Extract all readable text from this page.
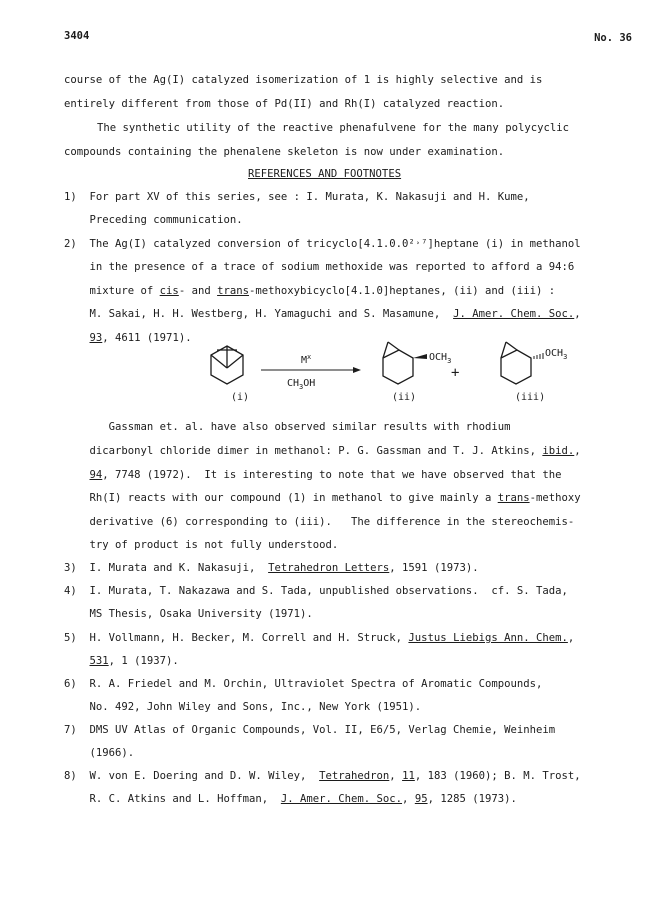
3404	No. 36
course of the Ag(I) catalyzed isomerization of 1 is highly selective and is
entirely different from those of Pd(II) and Rh(I) catalyzed reaction.
The synthetic utility of the reactive phenafulvene for the many polycyclic
compounds containing the phenalene skeleton is now under examination.
REFERENCES AND FOOTNOTES
1)  For part XV of this series, see : I. Murata, K. Nakasuji and H. Kume,
Preceding communication.
2)  The Ag(I) catalyzed conversion of tricyclo[4.1.0.0²˒⁷]heptane (i) in methanol
in the presence of a trace of sodium methoxide was reported to afford a 94:6
mixture of cis- and trans-methoxybicyclo[4.1.0]heptanes, (ii) and (iii) :
M. Sakai, H. H. Westberg, H. Yamaguchi and S. Masamune,  J. Amer. Chem. Soc.,
93, 4611 (1971).
Gassman et. al. have also observed similar results with rhodium
dicarbonyl chloride dimer in methanol: P. G. Gassman and T. J. Atkins, ibid.,
94, 7748 (1972).  It is interesting to note that we have observed that the
Rh(I) reacts with our compound (1) in methanol to give mainly a trans-methoxy
derivative (6) corresponding to (iii).   The difference in the stereochemis-
try of product is not fully understood.
3)  I. Murata and K. Nakasuji,  Tetrahedron Letters, 1591 (1973).
4)  I. Murata, T. Nakazawa and S. Tada, unpublished observations.  cf. S. Tada,
MS Thesis, Osaka University (1971).
5)  H. Vollmann, H. Becker, M. Correll and H. Struck, Justus Liebigs Ann. Chem.,
531, 1 (1937).
6)  R. A. Friedel and M. Orchin, Ultraviolet Spectra of Aromatic Compounds,
No. 492, John Wiley and Sons, Inc., New York (1951).
7)  DMS UV Atlas of Organic Compounds, Vol. II, E6/5, Verlag Chemie, Weinheim
(1966).
8)  W. von E. Doering and D. W. Wiley,  Tetrahedron, 11, 183 (1960); B. M. Trost,
R. C. Atkins and L. Hoffman,  J. Amer. Chem. Soc., 95, 1285 (1973).
(i)
$M^x$
$CH_3OH$
$OCH_3$
(ii)
+
$OCH_3$
(iii)
